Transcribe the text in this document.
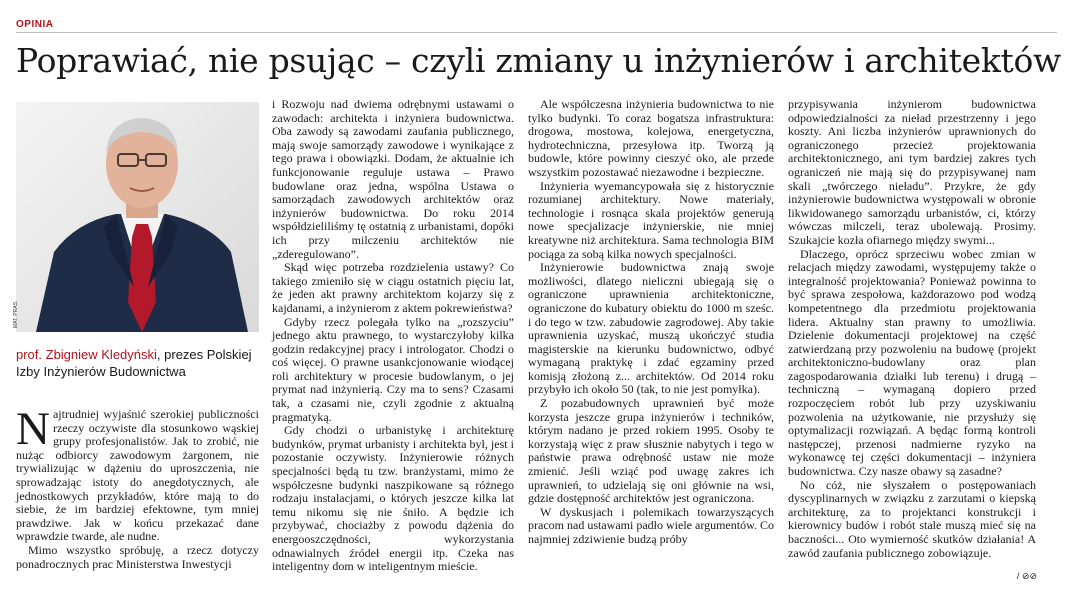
OPINIA
Poprawiać, nie psując – czyli zmiany u inżynierów i architektów
MAT. PRAS.
prof. Zbigniew Kledyński, prezes Polskiej Izby Inżynierów Budownictwa

Najtrudniej wyjaśnić szerokiej publiczności rzeczy oczywiste dla stosunkowo wąskiej grupy profesjonalistów. Jak to zrobić, nie nużąc odbiorcy zawodowym żargonem, nie trywializując w dążeniu do uproszczenia, nie sprowadzając istoty do anegdotycznych, ale jednostkowych przykładów, które mają to do siebie, że im bardziej efektowne, tym mniej prawdziwe. Jak w końcu przekazać dane wprawdzie twarde, ale nudne.

Mimo wszystko spróbuję, a rzecz dotyczy ponadrocznych prac Ministerstwa Inwestycji

i Rozwoju nad dwiema odrębnymi ustawami o zawodach: architekta i inżyniera budownictwa. Oba zawody są zawodami zaufania publicznego, mają swoje samorządy zawodowe i wynikające z tego prawa i obowiązki. Dodam, że aktualnie ich funkcjonowanie reguluje ustawa – Prawo budowlane oraz jedna, wspólna Ustawa o samorządach zawodowych architektów oraz inżynierów budownictwa. Do roku 2014 współdzieliliśmy tę ostatnią z urbanistami, dopóki ich przy milczeniu architektów nie „zderegulowano”.

Skąd więc potrzeba rozdzielenia ustawy? Co takiego zmieniło się w ciągu ostatnich pięciu lat, że jeden akt prawny architektom kojarzy się z kajdanami, a inżynierom z aktem pokrewieństwa?

Gdyby rzecz polegała tylko na „rozszyciu” jednego aktu prawnego, to wystarczyłoby kilka godzin redakcyjnej pracy i intrologator. Chodzi o coś więcej. O prawne usankcjonowanie wiodącej roli architektury w procesie budowlanym, o jej prymat nad inżynierią. Czy ma to sens? Czasami tak, a czasami nie, czyli zgodnie z aktualną pragmatyką.

Gdy chodzi o urbanistykę i architekturę budynków, prymat urbanisty i architekta był, jest i pozostanie oczywisty. Inżynierowie różnych specjalności będą tu tzw. branżystami, mimo że współczesne budynki naszpikowane są różnego rodzaju instalacjami, o których jeszcze kilka lat temu nikomu się nie śniło. A będzie ich przybywać, chociażby z powodu dążenia do energooszczędności, wykorzystania odnawialnych źródeł energii itp. Czeka nas inteligentny dom w inteligentnym mieście.

Ale współczesna inżynieria budownictwa to nie tylko budynki. To coraz bogatsza infrastruktura: drogowa, mostowa, kolejowa, energetyczna, hydrotechniczna, przesyłowa itp. Tworzą ją budowle, które powinny cieszyć oko, ale przede wszystkim pozostawać niezawodne i bezpieczne.

Inżynieria wyemancypowała się z historycznie rozumianej architektury. Nowe materiały, technologie i rosnąca skala projektów generują nowe specjalizacje inżynierskie, nie mniej kreatywne niż architektura. Sama technologia BIM pociąga za sobą kilka nowych specjalności.

Inżynierowie budownictwa znają swoje możliwości, dlatego nieliczni ubiegają się o ograniczone uprawnienia architektoniczne, ograniczone do kubatury obiektu do 1000 m sześc. i do tego w tzw. zabudowie zagrodowej. Aby takie uprawnienia uzyskać, muszą ukończyć studia magisterskie na kierunku budownictwo, odbyć wymaganą praktykę i zdać egzaminy przed komisją złożoną z... architektów. Od 2014 roku przybyło ich około 50 (tak, to nie jest pomyłka).

Z pozabudownych uprawnień być może korzysta jeszcze grupa inżynierów i techników, którym nadano je przed rokiem 1995. Osoby te korzystają więc z praw słusznie nabytych i tego w państwie prawa odrębność ustaw nie może zmienić. Jeśli wziąć pod uwagę zakres ich uprawnień, to udzielają się oni głównie na wsi, gdzie dostępność architektów jest ograniczona.

W dyskusjach i polemikach towarzyszących pracom nad ustawami padło wiele argumentów. Co najmniej zdziwienie budzą próby

przypisywania inżynierom budownictwa odpowiedzialności za nieład przestrzenny i jego koszty. Ani liczba inżynierów uprawnionych do ograniczonego przecież projektowania architektonicznego, ani tym bardziej zakres tych ograniczeń nie mają się do przypisywanej nam skali „twórczego nieładu”. Przykre, że gdy inżynierowie budownictwa występowali w obronie likwidowanego samorządu urbanistów, ci, którzy wówczas milczeli, teraz ubolewają. Prosimy. Szukajcie kozła ofiarnego między swymi...

Dlaczego, oprócz sprzeciwu wobec zmian w relacjach między zawodami, występujemy także o integralność projektowania? Ponieważ powinna to być sprawa zespołowa, każdorazowo pod wodzą kompetentnego dla przedmiotu projektowania lidera. Aktualny stan prawny to umożliwia. Dzielenie dokumentacji projektowej na część zatwierdzaną przy pozwoleniu na budowę (projekt architektoniczno-budowlany oraz plan zagospodarowania działki lub terenu) i drugą – techniczną – wymaganą dopiero przed rozpoczęciem robót lub przy uzyskiwaniu pozwolenia na użytkowanie, nie przysłuży się optymalizacji rozwiązań. A będąc formą kontroli następczej, przenosi nadmierne ryzyko na wykonawcę tej części dokumentacji – inżyniera budownictwa. Czy nasze obawy są zasadne?

No cóż, nie słyszałem o postępowaniach dyscyplinarnych w związku z zarzutami o kiepską architekturę, za to projektanci konstrukcji i kierownicy budów i robót stale muszą mieć się na baczności... Oto wymierność skutków działania! A zawód zaufania publicznego zobowiązuje.

/ ⊘⊘
